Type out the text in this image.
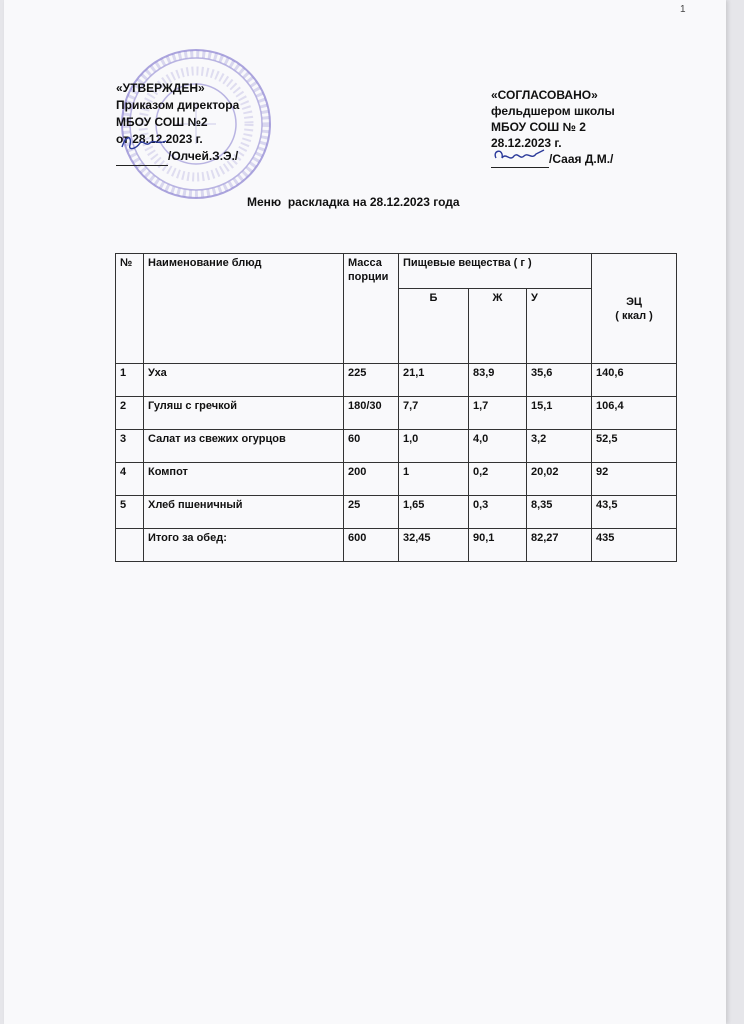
1
«УТВЕРЖДЕН»
Приказом директора
МБОУ СОШ №2
от 28.12.2023 г.
/Олчей.З.Э./
«СОГЛАСОВАНО»
фельдшером школы
МБОУ СОШ № 2
28.12.2023 г.
/Саая Д.М./
Меню  раскладка на 28.12.2023 года
№	Наименование блюд	Масса порции	Пищевые вещества ( г )			ЭЦ
( ккал )

			Б	Ж	У	
1	Уха	225	21,1	83,9	35,6	140,6
2	Гуляш с гречкой	180/30	7,7	1,7	15,1	106,4
3	Салат из свежих огурцов	60	1,0	4,0	3,2	52,5
4	Компот	200	1	0,2	20,02	92
5	Хлеб пшеничный	25	1,65	0,3	8,35	43,5
	Итого за обед:	600	32,45	90,1	82,27	435
